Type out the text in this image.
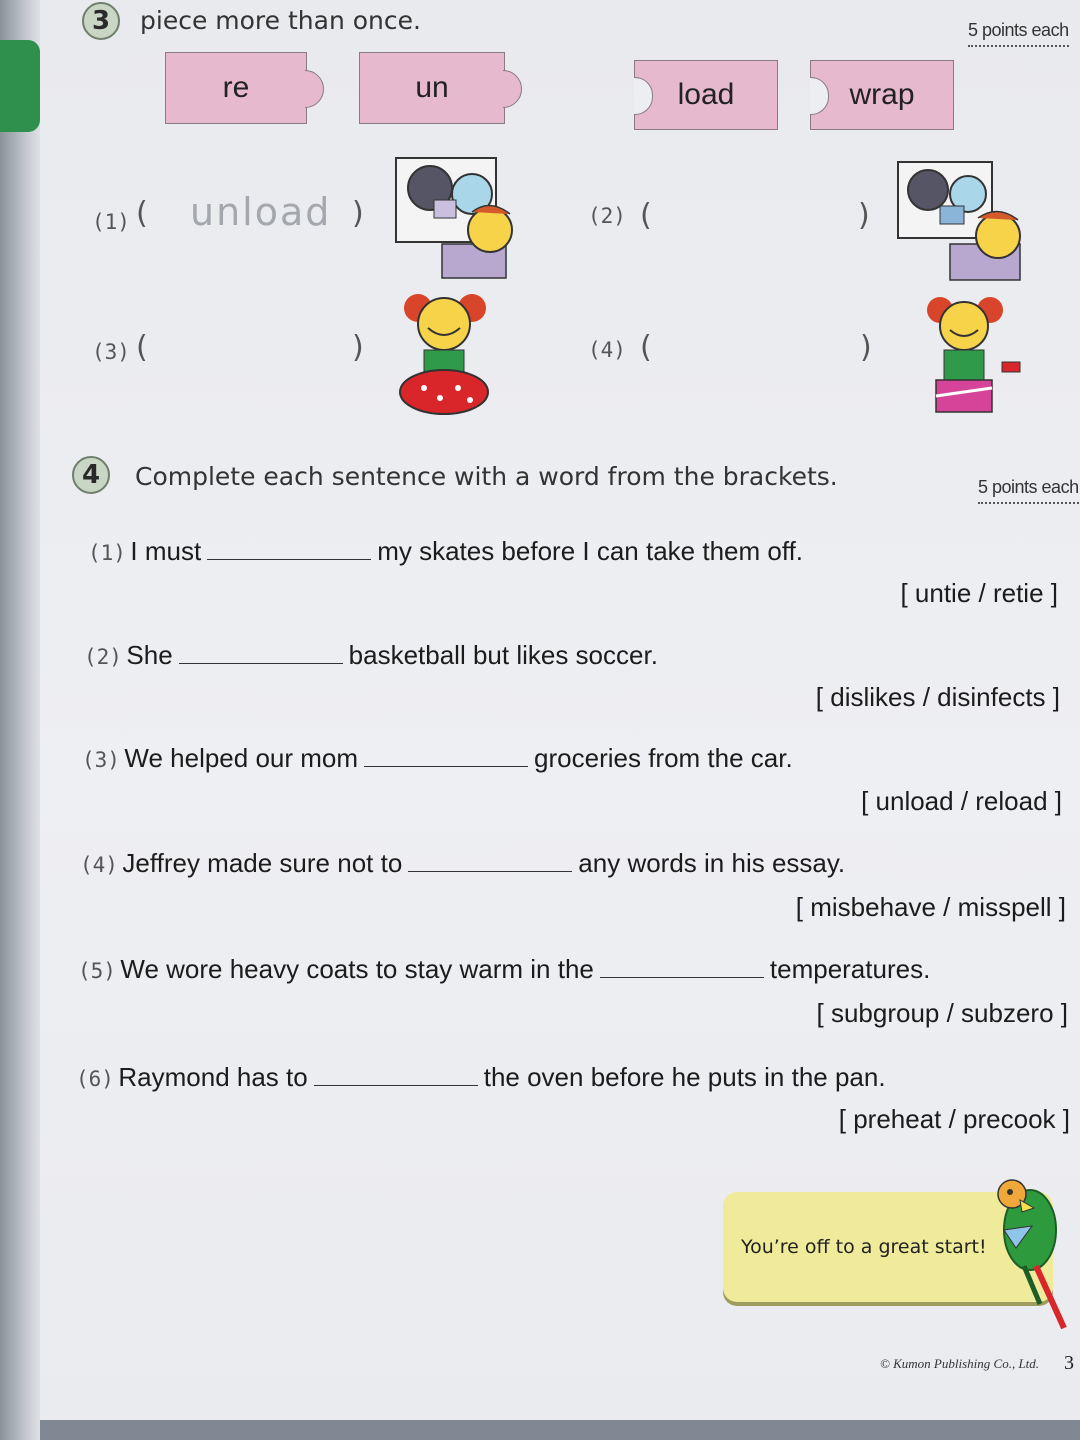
3	piece more than once.	5 points each
re	un	load	wrap
(1) ( unload )	(2) (	)
(3) (	)	(4) (	)
4	Complete each sentence with a word from the brackets.	5 points each
(1) I must	my skates before I can take them off.
[ untie / retie ]
(2) She	basketball but likes soccer.
[ dislikes / disinfects ]
(3) We helped our mom	groceries from the car.
[ unload / reload ]
(4) Jeffrey made sure not to	any words in his essay.
[ misbehave / misspell ]
(5) We wore heavy coats to stay warm in the	temperatures.
[ subgroup / subzero ]
(6) Raymond has to	the oven before he puts in the pan.
[ preheat / precook ]
You’re off to a great start!
© Kumon Publishing Co., Ltd. 3
